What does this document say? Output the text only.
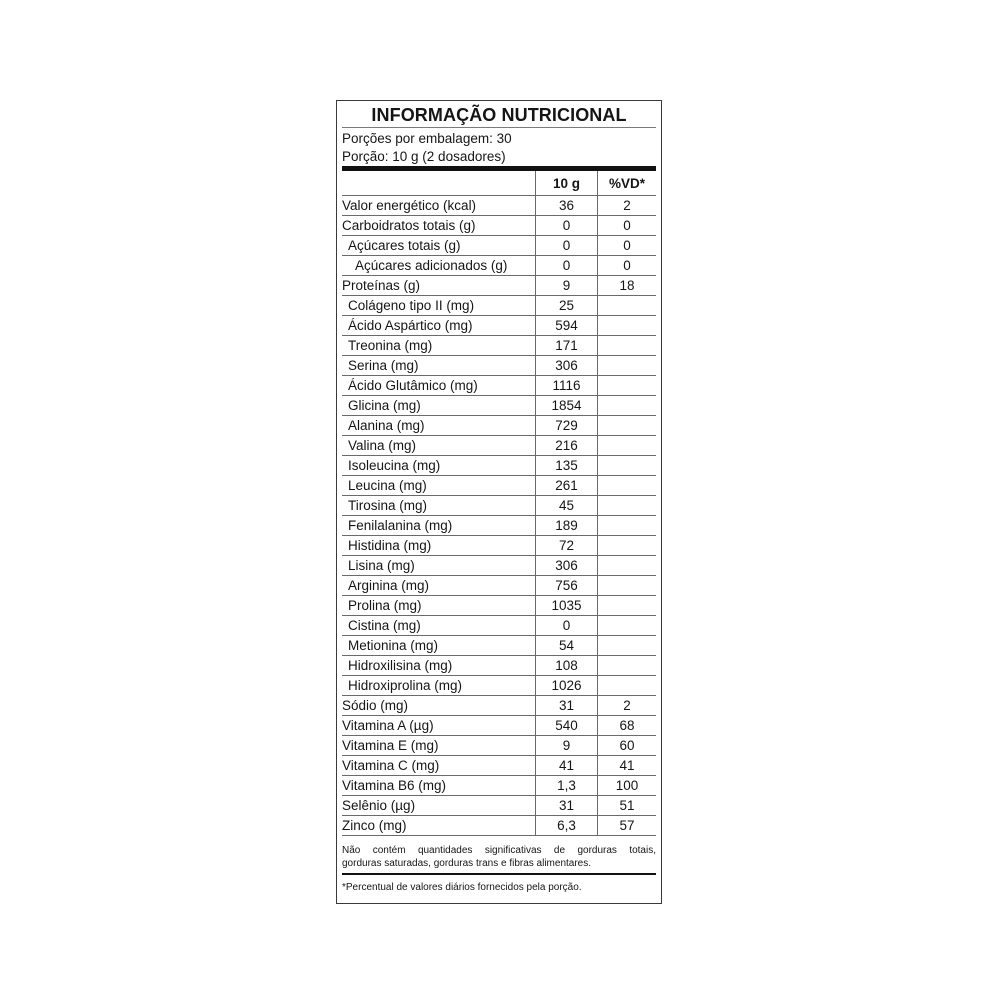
INFORMAÇÃO NUTRICIONAL
Porções por embalagem: 30
Porção: 10 g (2 dosadores)
10 g	%VD*
Valor energético (kcal)	36	2
Carboidratos totais (g)	0	0
Açúcares totais (g)	0	0
Açúcares adicionados (g)	0	0
Proteínas (g)	9	18
Colágeno tipo II (mg)	25
Ácido Aspártico (mg)	594
Treonina (mg)	171
Serina (mg)	306
Ácido Glutâmico (mg)	1116
Glicina (mg)	1854
Alanina (mg)	729
Valina (mg)	216
Isoleucina (mg)	135
Leucina (mg)	261
Tirosina (mg)	45
Fenilalanina (mg)	189
Histidina (mg)	72
Lisina (mg)	306
Arginina (mg)	756
Prolina (mg)	1035
Cistina (mg)	0
Metionina (mg)	54
Hidroxilisina (mg)	108
Hidroxiprolina (mg)	1026
Sódio (mg)	31	2
Vitamina A (µg)	540	68
Vitamina E (mg)	9	60
Vitamina C (mg)	41	41
Vitamina B6 (mg)	1,3	100
Selênio (µg)	31	51
Zinco (mg)	6,3	57
Não contém quantidades significativas de gorduras totais,
gorduras saturadas, gorduras trans e fibras alimentares.
*Percentual de valores diários fornecidos pela porção.
